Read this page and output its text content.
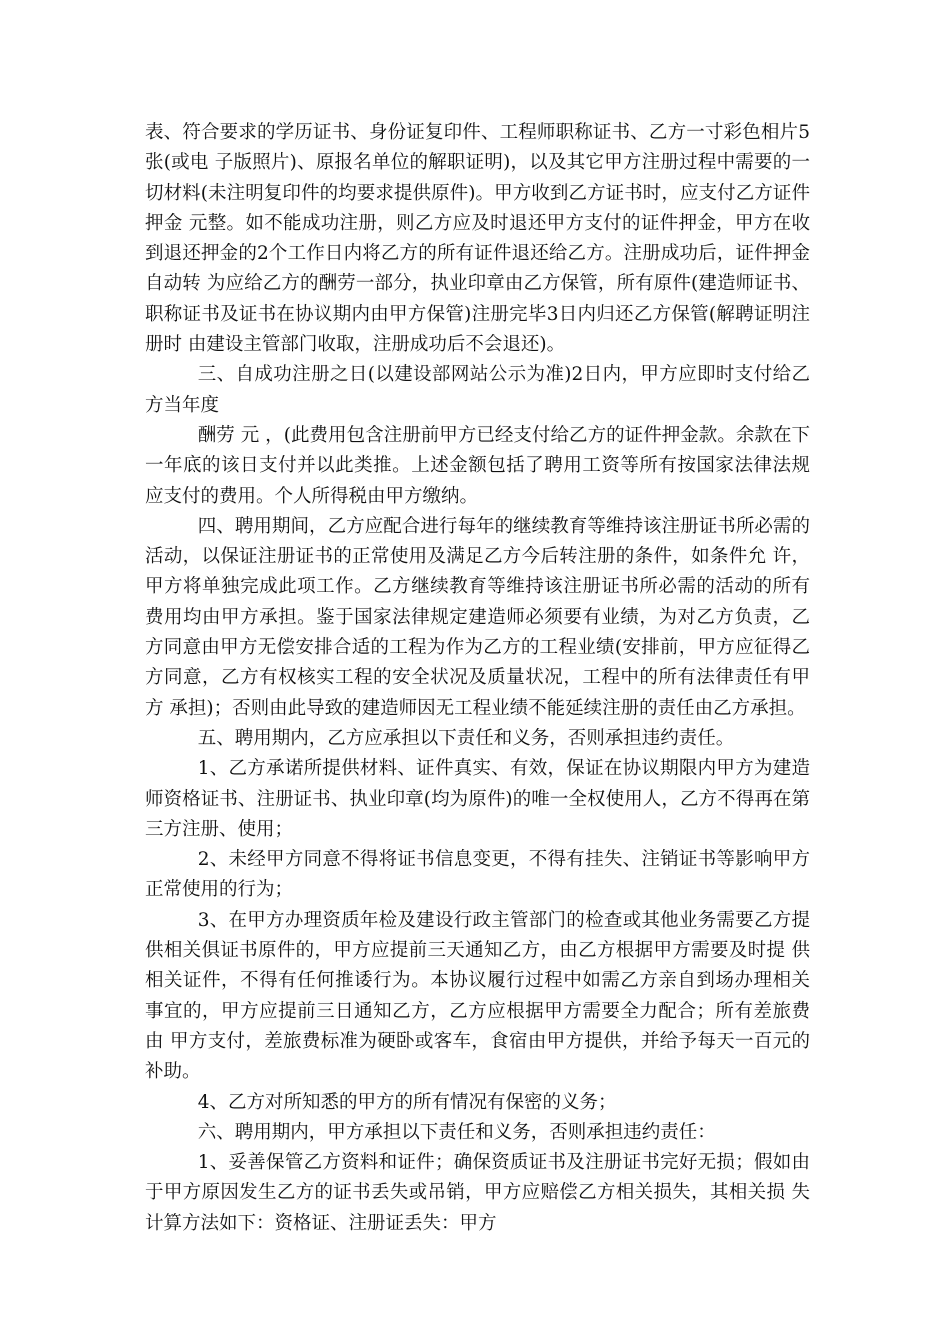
表、符合要求的学历证书、身份证复印件、工程师职称证书、乙方一寸彩色相片5张(或电 子版照片)、原报名单位的解职证明)，以及其它甲方注册过程中需要的一切材料(未注明复印件的均要求提供原件)。甲方收到乙方证书时，应支付乙方证件押金 元整。如不能成功注册，则乙方应及时退还甲方支付的证件押金，甲方在收到退还押金的2个工作日内将乙方的所有证件退还给乙方。注册成功后，证件押金自动转 为应给乙方的酬劳一部分，执业印章由乙方保管，所有原件(建造师证书、职称证书及证书在协议期内由甲方保管)注册完毕3日内归还乙方保管(解聘证明注册时 由建设主管部门收取，注册成功后不会退还)。

三、自成功注册之日(以建设部网站公示为准)2日内，甲方应即时支付给乙方当年度

酬劳 元 ，(此费用包含注册前甲方已经支付给乙方的证件押金款。余款在下一年底的该日支付并以此类推。上述金额包括了聘用工资等所有按国家法律法规应支付的费用。个人所得税由甲方缴纳。

四、聘用期间，乙方应配合进行每年的继续教育等维持该注册证书所必需的活动，以保证注册证书的正常使用及满足乙方今后转注册的条件，如条件允 许，甲方将单独完成此项工作。乙方继续教育等维持该注册证书所必需的活动的所有费用均由甲方承担。鉴于国家法律规定建造师必须要有业绩，为对乙方负责，乙 方同意由甲方无偿安排合适的工程为作为乙方的工程业绩(安排前，甲方应征得乙方同意，乙方有权核实工程的安全状况及质量状况，工程中的所有法律责任有甲方 承担)；否则由此导致的建造师因无工程业绩不能延续注册的责任由乙方承担。

五、聘用期内，乙方应承担以下责任和义务，否则承担违约责任。

1、乙方承诺所提供材料、证件真实、有效，保证在协议期限内甲方为建造师资格证书、注册证书、执业印章(均为原件)的唯一全权使用人，乙方不得再在第三方注册、使用；

2、未经甲方同意不得将证书信息变更，不得有挂失、注销证书等影响甲方正常使用的行为；

3、在甲方办理资质年检及建设行政主管部门的检查或其他业务需要乙方提供相关俱证书原件的，甲方应提前三天通知乙方，由乙方根据甲方需要及时提 供相关证件，不得有任何推诿行为。本协议履行过程中如需乙方亲自到场办理相关事宜的，甲方应提前三日通知乙方，乙方应根据甲方需要全力配合；所有差旅费由 甲方支付，差旅费标准为硬卧或客车，食宿由甲方提供，并给予每天一百元的补助。

4、乙方对所知悉的甲方的所有情况有保密的义务；

六、聘用期内，甲方承担以下责任和义务，否则承担违约责任：

1、妥善保管乙方资料和证件；确保资质证书及注册证书完好无损；假如由于甲方原因发生乙方的证书丢失或吊销，甲方应赔偿乙方相关损失，其相关损 失计算方法如下：资格证、注册证丢失：甲方
